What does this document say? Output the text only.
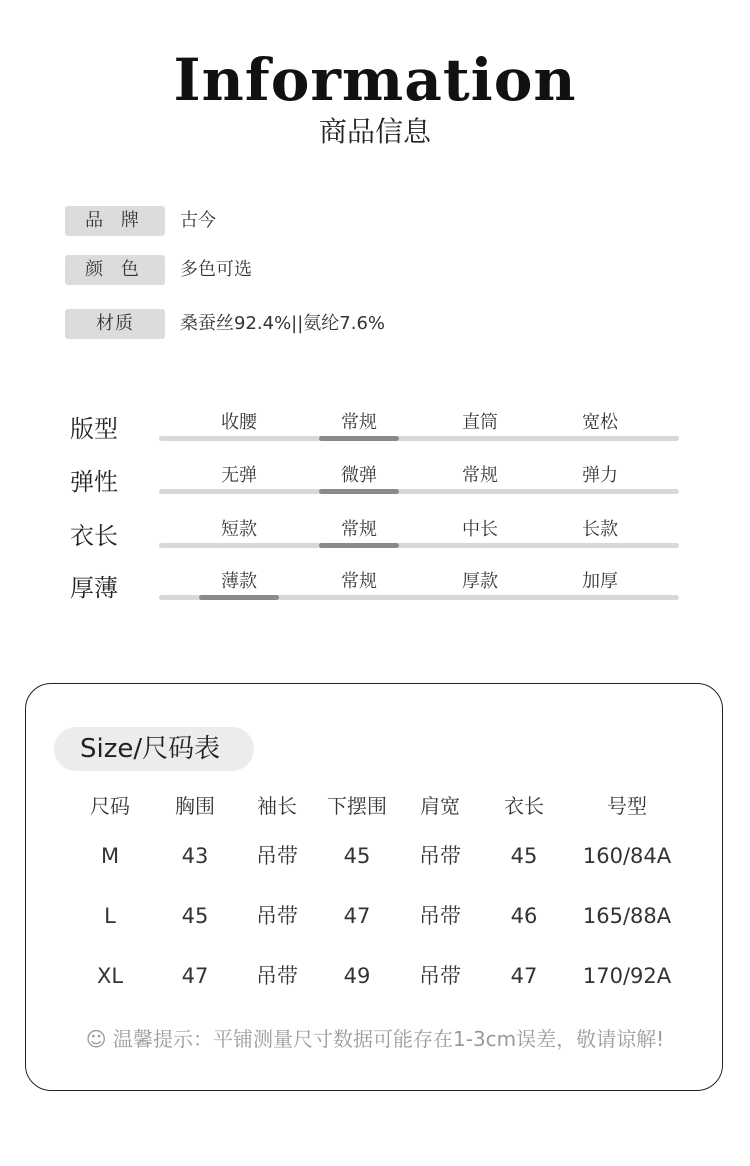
Information
商品信息
品 牌	古今
颜 色	多色可选
材质	桑蚕丝92.4%||氨纶7.6%
版型	收腰	常规	直筒	宽松
弹性	无弹	微弹	常规	弹力
衣长	短款	常规	中长	长款
厚薄	薄款	常规	厚款	加厚
Size/尺码表
尺码	胸围	袖长	下摆围	肩宽	衣长	号型
M	43	吊带	45	吊带	45	160/84A
L	45	吊带	47	吊带	46	165/88A
XL	47	吊带	49	吊带	47	170/92A
☺ 温馨提示：平铺测量尺寸数据可能存在1-3cm误差，敬请谅解!
